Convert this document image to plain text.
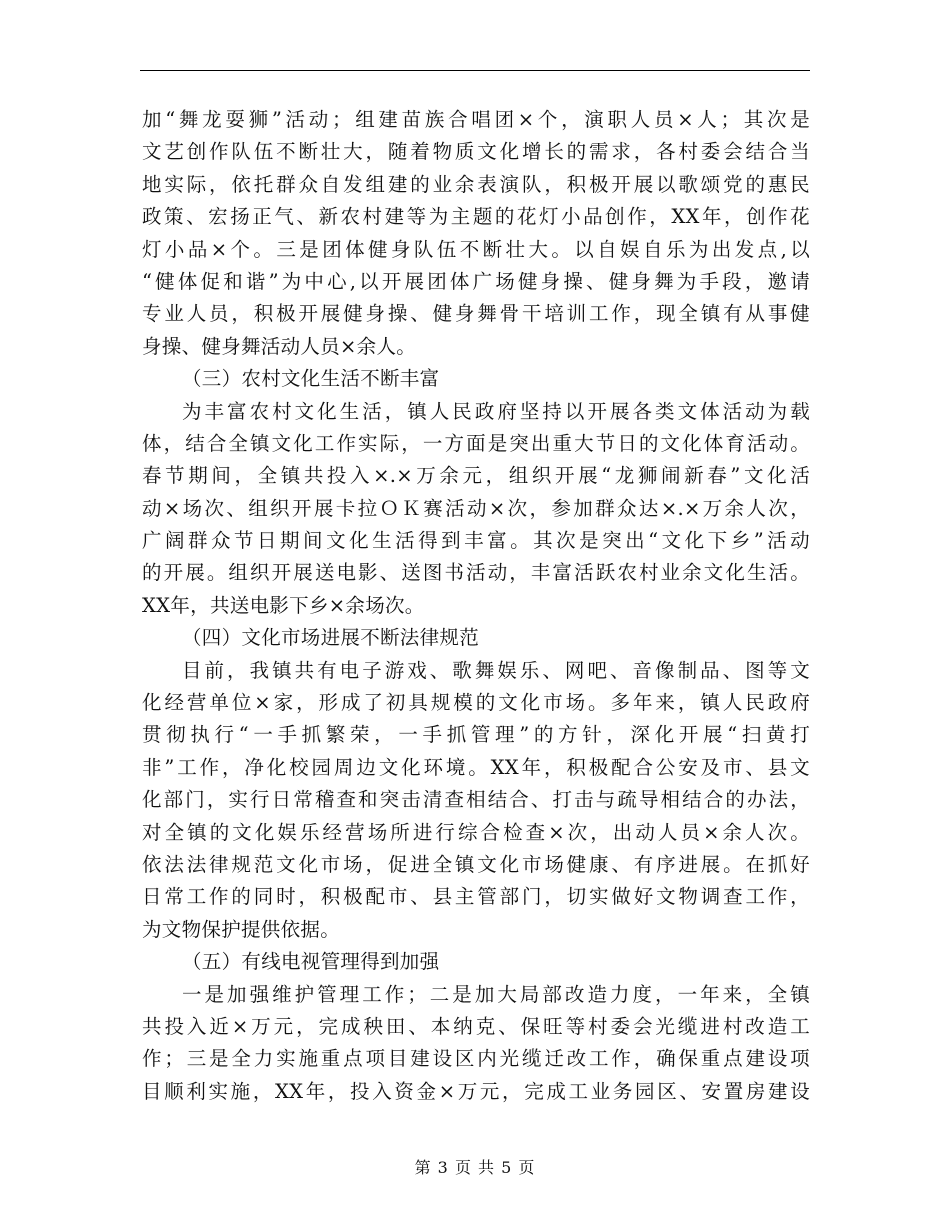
加“舞龙耍狮”活动；组建苗族合唱团×个，演职人员×人；其次是
文艺创作队伍不断壮大，随着物质文化增长的需求，各村委会结合当
地实际，依托群众自发组建的业余表演队，积极开展以歌颂党的惠民
政策、宏扬正气、新农村建等为主题的花灯小品创作，XX年，创作花
灯小品×个。三是团体健身队伍不断壮大。以自娱自乐为出发点,以
“健体促和谐”为中心,以开展团体广场健身操、健身舞为手段，邀请
专业人员，积极开展健身操、健身舞骨干培训工作，现全镇有从事健
身操、健身舞活动人员×余人。
（三）农村文化生活不断丰富
为丰富农村文化生活，镇人民政府坚持以开展各类文体活动为载
体，结合全镇文化工作实际，一方面是突出重大节日的文化体育活动。
春节期间，全镇共投入×.×万余元，组织开展“龙狮闹新春”文化活
动×场次、组织开展卡拉ＯＫ赛活动×次，参加群众达×.×万余人次，
广阔群众节日期间文化生活得到丰富。其次是突出“文化下乡”活动
的开展。组织开展送电影、送图书活动，丰富活跃农村业余文化生活。
XX年，共送电影下乡×余场次。
（四）文化市场进展不断法律规范
目前，我镇共有电子游戏、歌舞娱乐、网吧、音像制品、图等文
化经营单位×家，形成了初具规模的文化市场。多年来，镇人民政府
贯彻执行“一手抓繁荣，一手抓管理”的方针，深化开展“扫黄打
非”工作，净化校园周边文化环境。XX年，积极配合公安及市、县文
化部门，实行日常稽查和突击清查相结合、打击与疏导相结合的办法，
对全镇的文化娱乐经营场所进行综合检查×次，出动人员×余人次。
依法法律规范文化市场，促进全镇文化市场健康、有序进展。在抓好
日常工作的同时，积极配市、县主管部门，切实做好文物调查工作，
为文物保护提供依据。
（五）有线电视管理得到加强
一是加强维护管理工作；二是加大局部改造力度，一年来，全镇
共投入近×万元，完成秧田、本纳克、保旺等村委会光缆进村改造工
作；三是全力实施重点项目建设区内光缆迁改工作，确保重点建设项
目顺利实施，XX年，投入资金×万元，完成工业务园区、安置房建设
第 3 页 共 5 页
